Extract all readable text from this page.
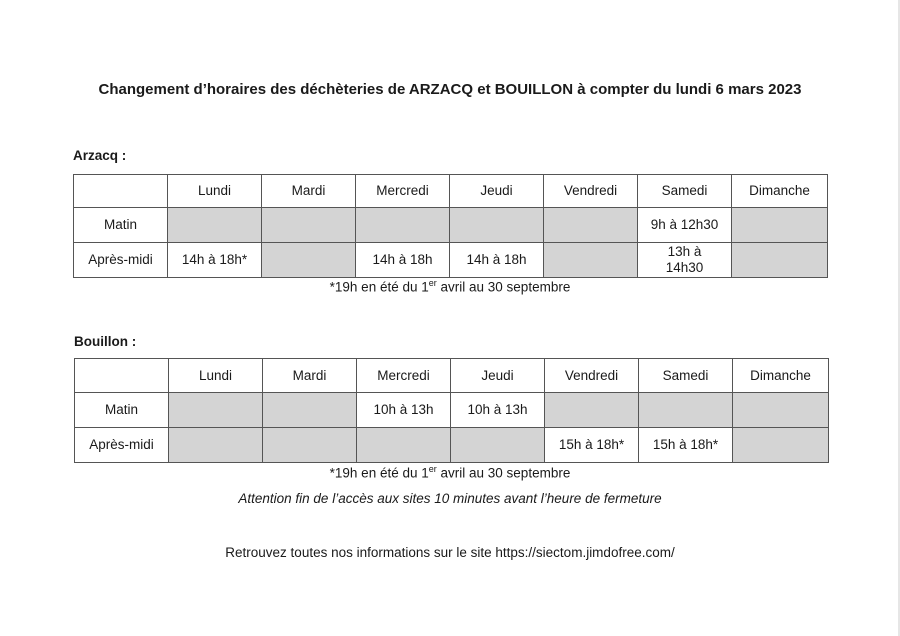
Changement d’horaires des déchèteries de ARZACQ et BOUILLON à compter du lundi 6 mars 2023
Arzacq :
	Lundi	Mardi	Mercredi	Jeudi	Vendredi	Samedi	Dimanche
Matin						9h à 12h30	
Après-midi	14h à 18h*		14h à 18h	14h à 18h		13h à 14h30	
*19h en été du 1er avril au 30 septembre
Bouillon :
	Lundi	Mardi	Mercredi	Jeudi	Vendredi	Samedi	Dimanche
Matin			10h à 13h	10h à 13h			
Après-midi					15h à 18h*	15h à 18h*	
*19h en été du 1er avril au 30 septembre
Attention fin de l’accès aux sites 10 minutes avant l’heure de fermeture
Retrouvez toutes nos informations sur le site https://siectom.jimdofree.com/
